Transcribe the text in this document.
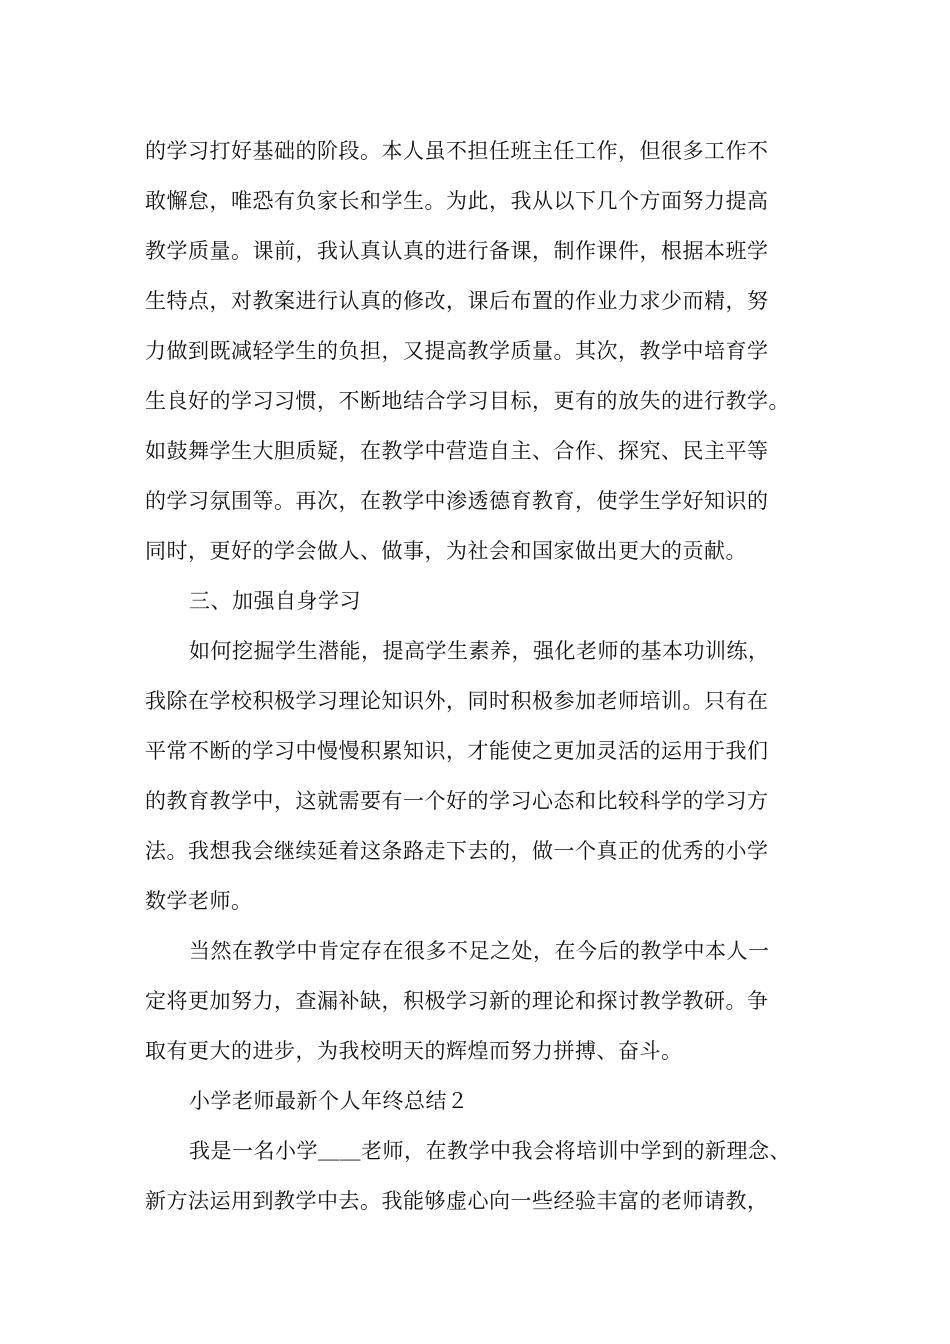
的学习打好基础的阶段。本人虽不担任班主任工作，但很多工作不
敢懈怠，唯恐有负家长和学生。为此，我从以下几个方面努力提高
教学质量。课前，我认真认真的进行备课，制作课件，根据本班学
生特点，对教案进行认真的修改，课后布置的作业力求少而精，努
力做到既减轻学生的负担，又提高教学质量。其次，教学中培育学
生良好的学习习惯，不断地结合学习目标，更有的放失的进行教学。
如鼓舞学生大胆质疑，在教学中营造自主、合作、探究、民主平等
的学习氛围等。再次，在教学中渗透德育教育，使学生学好知识的
同时，更好的学会做人、做事，为社会和国家做出更大的贡献。
三、加强自身学习
如何挖掘学生潜能，提高学生素养，强化老师的基本功训练，
我除在学校积极学习理论知识外，同时积极参加老师培训。只有在
平常不断的学习中慢慢积累知识，才能使之更加灵活的运用于我们
的教育教学中，这就需要有一个好的学习心态和比较科学的学习方
法。我想我会继续延着这条路走下去的，做一个真正的优秀的小学
数学老师。
当然在教学中肯定存在很多不足之处，在今后的教学中本人一
定将更加努力，查漏补缺，积极学习新的理论和探讨教学教研。争
取有更大的进步，为我校明天的辉煌而努力拼搏、奋斗。
小学老师最新个人年终总结２
我是一名小学＿＿老师，在教学中我会将培训中学到的新理念、
新方法运用到教学中去。我能够虚心向一些经验丰富的老师请教，
